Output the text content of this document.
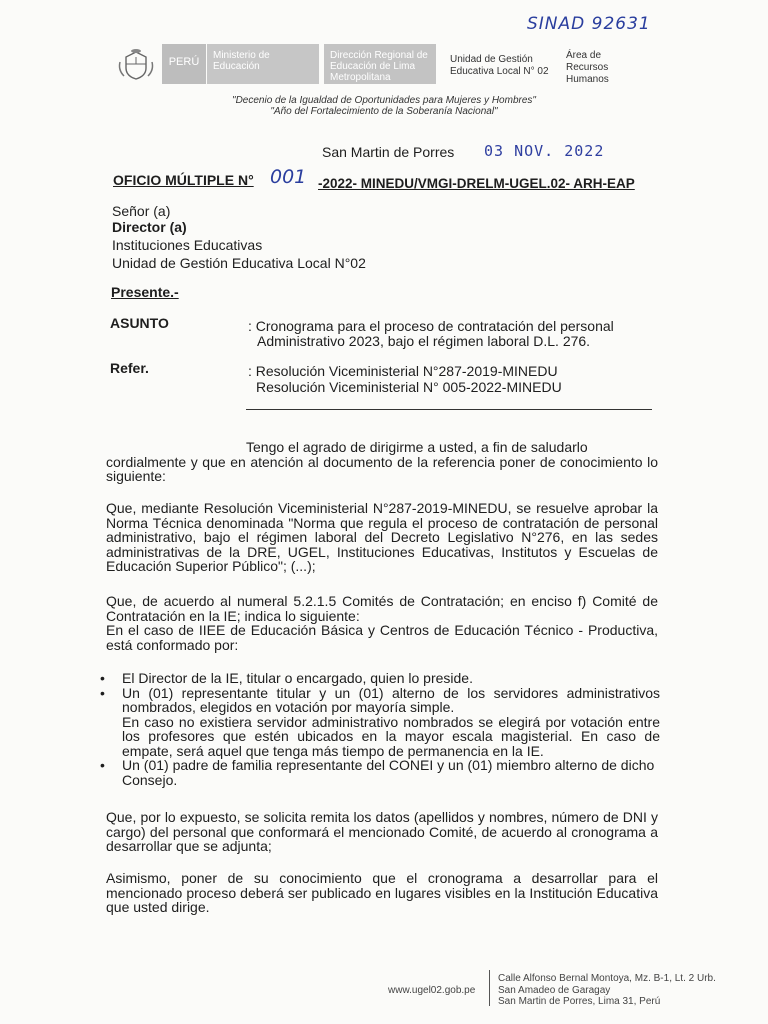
SINAD 92631
PERÚ
Ministerio de Educación
Dirección Regional de Educación de Lima Metropolitana
Unidad de Gestión Educativa Local N° 02
Área de Recursos Humanos
"Decenio de la Igualdad de Oportunidades para Mujeres y Hombres"
"Año del Fortalecimiento de la Soberanía Nacional"
San Martin de Porres 03 NOV. 2022
OFICIO MÚLTIPLE N° 001 -2022- MINEDU/VMGI-DRELM-UGEL.02- ARH-EAP
Señor (a)
Director (a)
Instituciones Educativas
Unidad de Gestión Educativa Local N°02
Presente.-
ASUNTO	: Cronograma para el proceso de contratación del personal
Administrativo 2023, bajo el régimen laboral D.L. 276.
Refer.	: Resolución Viceministerial N°287-2019-MINEDU
Resolución Viceministerial N° 005-2022-MINEDU
Tengo el agrado de dirigirme a usted, a fin de saludarlo
cordialmente y que en atención al documento de la referencia poner de conocimiento lo siguiente:
Que, mediante Resolución Viceministerial N°287-2019-MINEDU, se resuelve aprobar la Norma Técnica denominada "Norma que regula el proceso de contratación de personal administrativo, bajo el régimen laboral del Decreto Legislativo N°276, en las sedes administrativas de la DRE, UGEL, Instituciones Educativas, Institutos y Escuelas de Educación Superior Público"; (...);
Que, de acuerdo al numeral 5.2.1.5 Comités de Contratación; en enciso f) Comité de Contratación en la IE; indica lo siguiente:
En el caso de IIEE de Educación Básica y Centros de Educación Técnico - Productiva, está conformado por:
• El Director de la IE, titular o encargado, quien lo preside.
• Un (01) representante titular y un (01) alterno de los servidores administrativos nombrados, elegidos en votación por mayoría simple.
En caso no existiera servidor administrativo nombrados se elegirá por votación entre los profesores que estén ubicados en la mayor escala magisterial. En caso de empate, será aquel que tenga más tiempo de permanencia en la IE.
• Un (01) padre de familia representante del CONEI y un (01) miembro alterno de dicho Consejo.
Que, por lo expuesto, se solicita remita los datos (apellidos y nombres, número de DNI y cargo) del personal que conformará el mencionado Comité, de acuerdo al cronograma a desarrollar que se adjunta;
Asimismo, poner de su conocimiento que el cronograma a desarrollar para el mencionado proceso deberá ser publicado en lugares visibles en la Institución Educativa que usted dirige.
www.ugel02.gob.pe
Calle Alfonso Bernal Montoya, Mz. B-1, Lt. 2 Urb.
San Amadeo de Garagay
San Martin de Porres, Lima 31, Perú
